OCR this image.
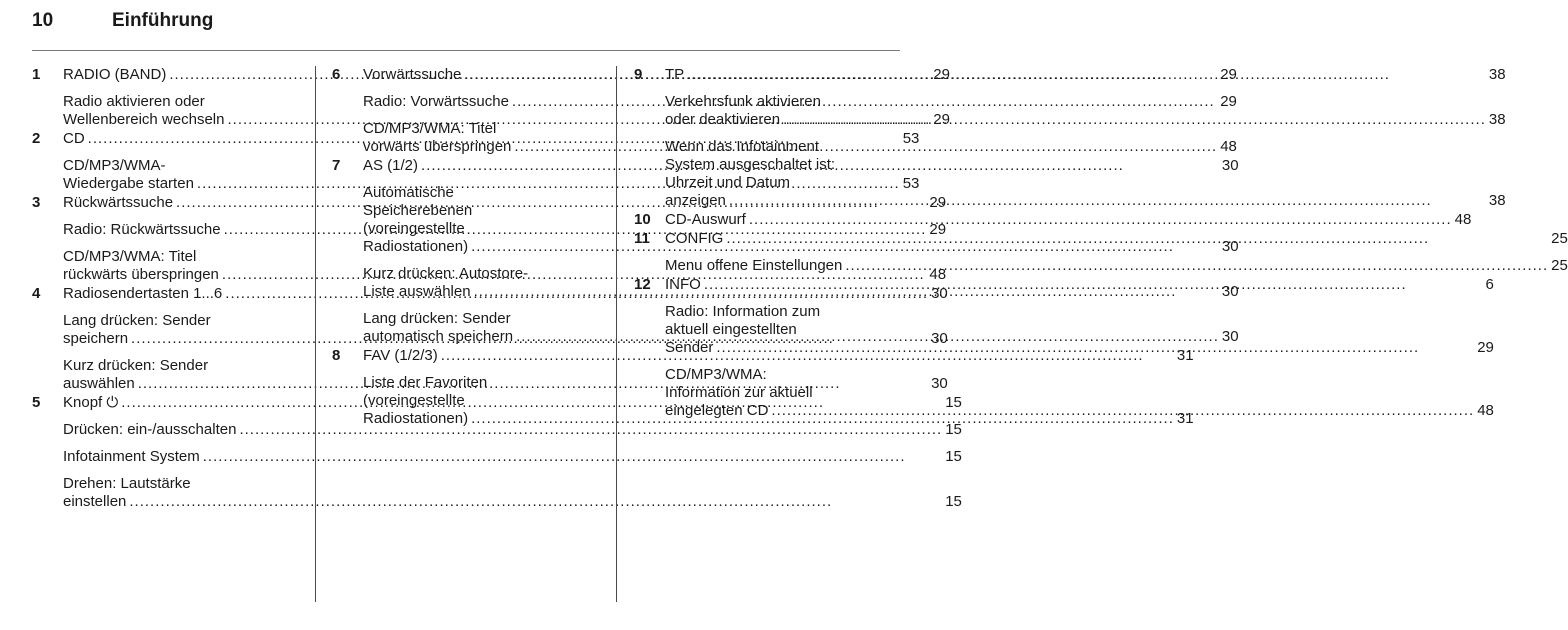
10	Einführung
1	RADIO (BAND) .....	29
Radio aktivieren oder
Wellenbereich wechseln .....	29
2	CD .....	53
CD/MP3/WMA-
Wiedergabe starten .....	53
3	Rückwärtssuche .....	29
Radio: Rückwärtssuche .....	29
CD/MP3/WMA: Titel
rückwärts überspringen .....	48
4	Radiosendertasten 1...6 .....	30
Lang drücken: Sender
speichern .....	30
Kurz drücken: Sender
auswählen .....	30
5	Knopf ⏻ .....	15
Drücken: ein-/ausschalten .....	15
Infotainment System .....	15
Drehen: Lautstärke
einstellen .....	15
6	Vorwärtssuche .....	29
Radio: Vorwärtssuche .....	29
CD/MP3/WMA: Titel
vorwärts überspringen .....	48
7	AS (1/2) .....	30
Automatische
Speicherebenen
(voreingestellte
Radiostationen) .....	30
Kurz drücken: Autostore-
Liste auswählen .....	30
Lang drücken: Sender
automatisch speichern .....	30
8	FAV (1/2/3) .....	31
Liste der Favoriten
(voreingestellte
Radiostationen) .....	31
9	TP .....	38
Verkehrsfunk aktivieren
oder deaktivieren .....	38
Wenn das Infotainment
System ausgeschaltet ist:
Uhrzeit und Datum
anzeigen .....	38
10 CD-Auswurf .....	48
11	CONFIG .....	25
Menu offene Einstellungen .....	25
12 INFO .....	6
Radio: Information zum
aktuell eingestellten
Sender .....	29
CD/MP3/WMA:
Information zur aktuell
eingelegten CD .....	48
